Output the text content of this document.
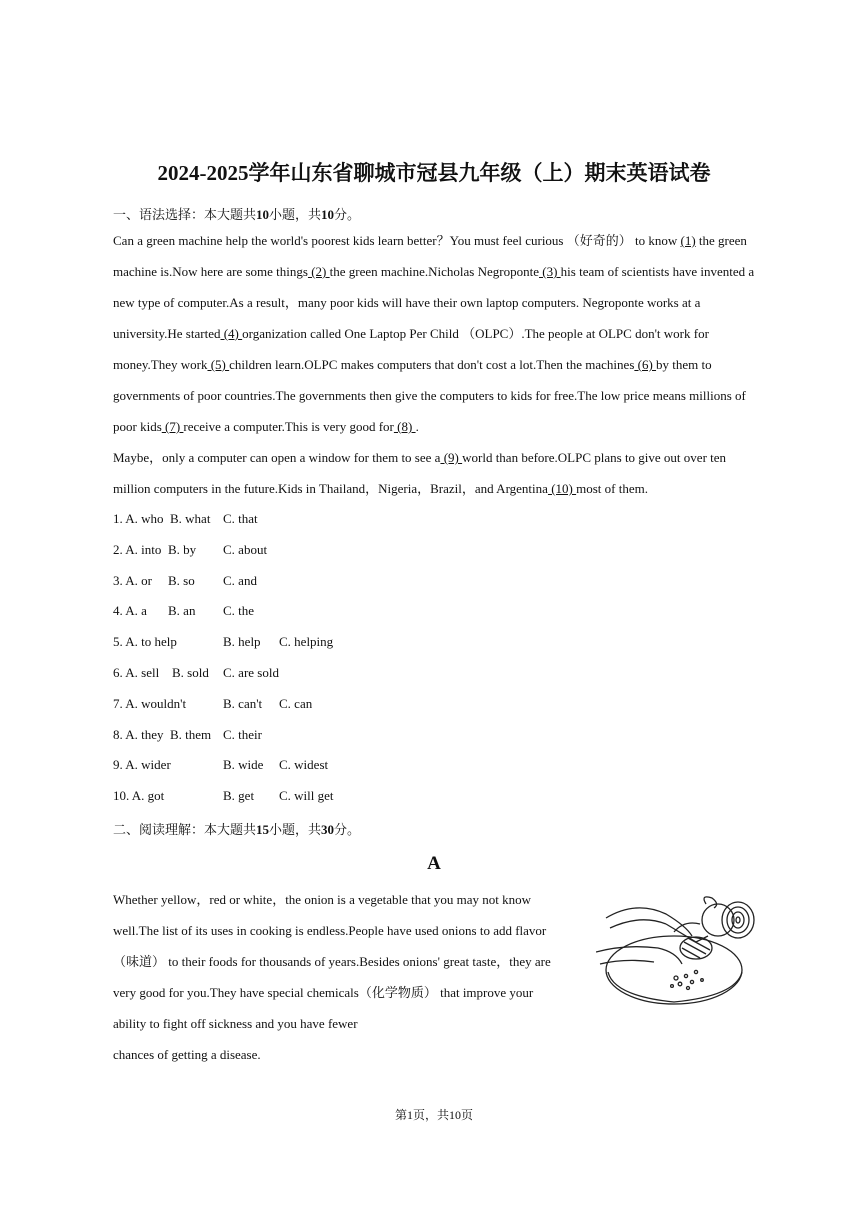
2024-2025学年山东省聊城市冠县九年级（上）期末英语试卷
一、语法选择：本大题共10小题，共10分。
Can a green machine help the world's poorest kids learn better？You must feel curious （好奇的） to know (1) the green machine is.Now here are some things (2) the green machine.Nicholas Negroponte (3) his team of scientists have invented a new type of computer.As a result，many poor kids will have their own laptop computers. Negroponte works at a university.He started (4) organization called One Laptop Per Child （OLPC）.The people at OLPC don't work for money.They work (5) children learn.OLPC makes computers that don't cost a lot.Then the machines (6) by them to governments of poor countries.The governments then give the computers to kids for free.The low price means millions of poor kids (7) receive a computer.This is very good for (8) .
Maybe，only a computer can open a window for them to see a (9) world than before.OLPC plans to give out over ten million computers in the future.Kids in Thailand，Nigeria，Brazil，and Argentina (10) most of them.
1. A. who B. what C. that
2. A. into B. by C. about
3. A. or B. so C. and
4. A. a B. an C. the
5. A. to help	B. help C. helping
6. A. sell B. sold C. are sold
7. A. wouldn't	B. can't C. can
8. A. they B. them C. their
9. A. wider	B. wide C. widest
10. A. got	B. get C. will get
二、阅读理解：本大题共15小题，共30分。
A
Whether yellow，red or white，the onion is a vegetable that you may not know
well.The list of its uses in cooking is endless.People have used onions to add flavor
（味道） to their foods for thousands of years.Besides onions' great taste，they are
very good for you.They have special chemicals（化学物质） that improve your
ability to fight off sickness and you have fewer
chances of getting a disease.
第1页，共10页
